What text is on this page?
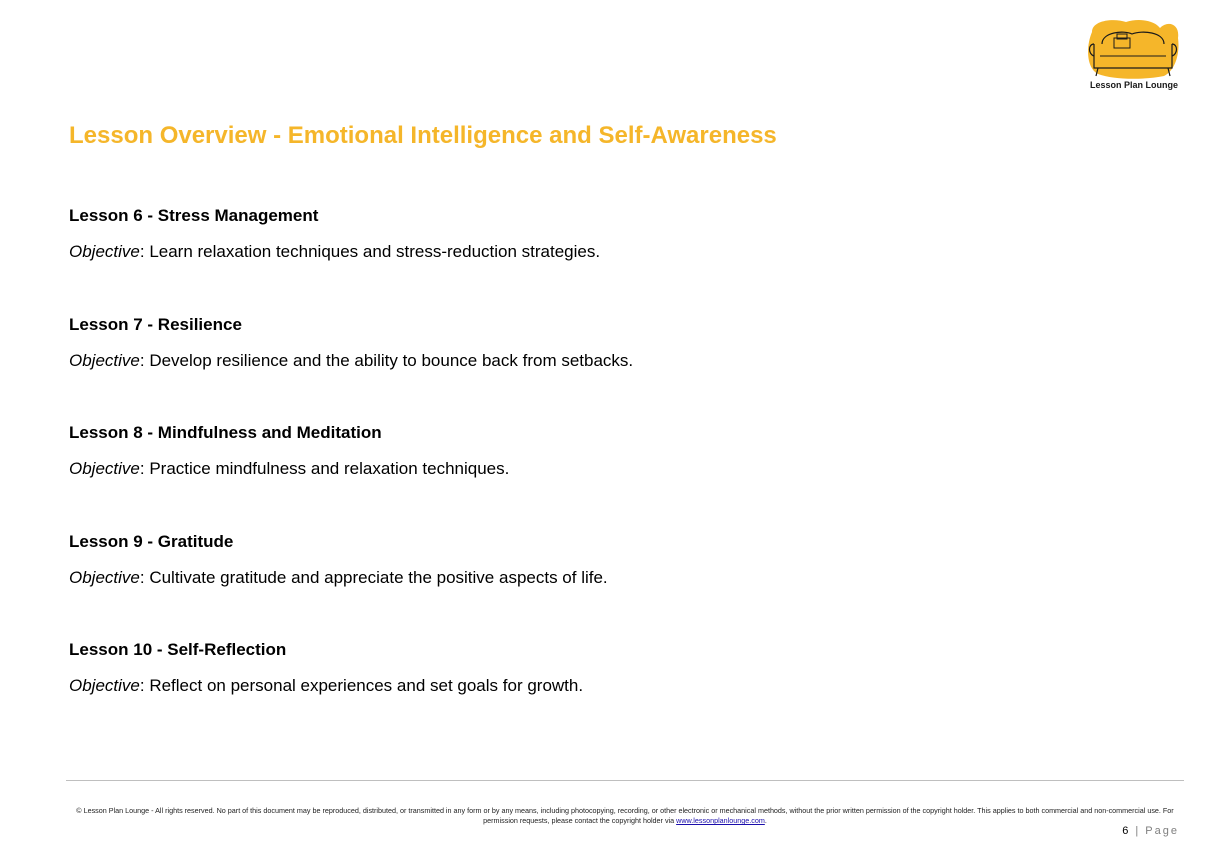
Lesson Plan Lounge
Lesson Overview - Emotional Intelligence and Self-Awareness

Lesson 6 - Stress Management

Objective: Learn relaxation techniques and stress-reduction strategies.

Lesson 7 - Resilience

Objective: Develop resilience and the ability to bounce back from setbacks.

Lesson 8 - Mindfulness and Meditation

Objective: Practice mindfulness and relaxation techniques.

Lesson 9 - Gratitude

Objective: Cultivate gratitude and appreciate the positive aspects of life.

Lesson 10 - Self-Reflection

Objective: Reflect on personal experiences and set goals for growth.

© Lesson Plan Lounge - All rights reserved. No part of this document may be reproduced, distributed, or transmitted in any form or by any means, including photocopying, recording, or other electronic or mechanical methods, without the prior written permission of the copyright holder. This applies to both commercial and non-commercial use. For permission requests, please contact the copyright holder via www.lessonplanlounge.com.
6 | Page
